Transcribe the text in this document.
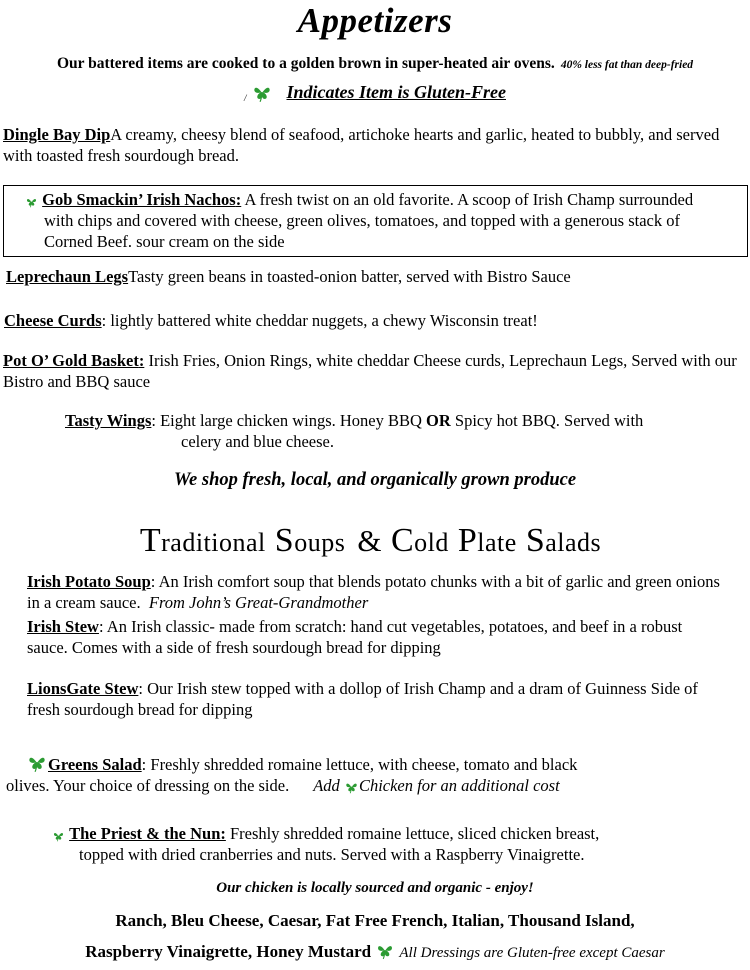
Appetizers
Our battered items are cooked to a golden brown in super-heated air ovens. 40% less fat than deep-fried
/ Indicates Item is Gluten-Free
Dingle Bay DipA creamy, cheesy blend of seafood, artichoke hearts and garlic, heated to bubbly, and served with toasted fresh sourdough bread.
Gob Smackin’ Irish Nachos: A fresh twist on an old favorite. A scoop of Irish Champ surrounded
with chips and covered with cheese, green olives, tomatoes, and topped with a generous stack of
Corned Beef. sour cream on the side
Leprechaun LegsTasty green beans in toasted-onion batter, served with Bistro Sauce
Cheese Curds: lightly battered white cheddar nuggets, a chewy Wisconsin treat!
Pot O’ Gold Basket: Irish Fries, Onion Rings, white cheddar Cheese curds, Leprechaun Legs, Served with our Bistro and BBQ sauce
Tasty Wings: Eight large chicken wings. Honey BBQ OR Spicy hot BBQ. Served with
celery and blue cheese.
We shop fresh, local, and organically grown produce
Traditional Soups & Cold Plate Salads
Irish Potato Soup: An Irish comfort soup that blends potato chunks with a bit of garlic and green onions in a cream sauce. From John’s Great-Grandmother
Irish Stew: An Irish classic- made from scratch: hand cut vegetables, potatoes, and beef in a robust sauce. Comes with a side of fresh sourdough bread for dipping
LionsGate Stew: Our Irish stew topped with a dollop of Irish Champ and a dram of Guinness Side of fresh sourdough bread for dipping
Greens Salad: Freshly shredded romaine lettuce, with cheese, tomato and black
olives. Your choice of dressing on the side. Add Chicken for an additional cost
The Priest & the Nun: Freshly shredded romaine lettuce, sliced chicken breast,
topped with dried cranberries and nuts. Served with a Raspberry Vinaigrette.
Our chicken is locally sourced and organic - enjoy!
Ranch, Bleu Cheese, Caesar, Fat Free French, Italian, Thousand Island,
Raspberry Vinaigrette, Honey Mustard All Dressings are Gluten-free except Caesar
